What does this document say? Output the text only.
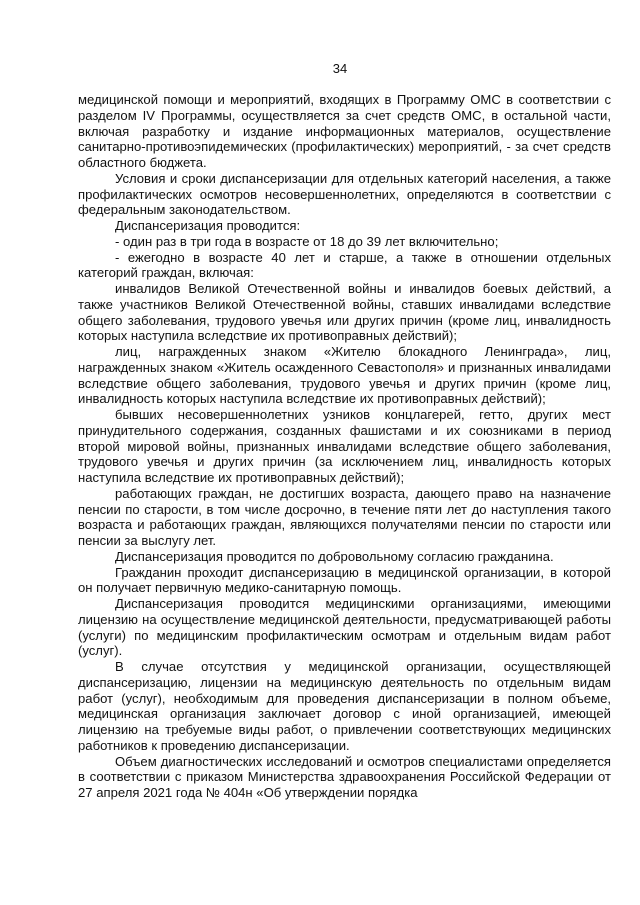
34

медицинской помощи и мероприятий, входящих в Программу ОМС в соответствии с разделом IV Программы, осуществляется за счет средств ОМС, в остальной части, включая разработку и издание информационных материалов, осуществление санитарно-противоэпидемических (профилактических) мероприятий, - за счет средств областного бюджета.

Условия и сроки диспансеризации для отдельных категорий населения, а также профилактических осмотров несовершеннолетних, определяются в соответствии с федеральным законодательством.

Диспансеризация проводится:

- один раз в три года в возрасте от 18 до 39 лет включительно;

- ежегодно в возрасте 40 лет и старше, а также в отношении отдельных категорий граждан, включая:

инвалидов Великой Отечественной войны и инвалидов боевых действий, а также участников Великой Отечественной войны, ставших инвалидами вследствие общего заболевания, трудового увечья или других причин (кроме лиц, инвалидность которых наступила вследствие их противоправных действий);

лиц, награжденных знаком «Жителю блокадного Ленинграда», лиц, награжденных знаком «Житель осажденного Севастополя» и признанных инвалидами вследствие общего заболевания, трудового увечья и других причин (кроме лиц, инвалидность которых наступила вследствие их противоправных действий);

бывших несовершеннолетних узников концлагерей, гетто, других мест принудительного содержания, созданных фашистами и их союзниками в период второй мировой войны, признанных инвалидами вследствие общего заболевания, трудового увечья и других причин (за исключением лиц, инвалидность которых наступила вследствие их противоправных действий);

работающих граждан, не достигших возраста, дающего право на назначение пенсии по старости, в том числе досрочно, в течение пяти лет до наступления такого возраста и работающих граждан, являющихся получателями пенсии по старости или пенсии за выслугу лет.

Диспансеризация проводится по добровольному согласию гражданина.

Гражданин проходит диспансеризацию в медицинской организации, в которой он получает первичную медико-санитарную помощь.

Диспансеризация проводится медицинскими организациями, имеющими лицензию на осуществление медицинской деятельности, предусматривающей работы (услуги) по медицинским профилактическим осмотрам и отдельным видам работ (услуг).

В случае отсутствия у медицинской организации, осуществляющей диспансеризацию, лицензии на медицинскую деятельность по отдельным видам работ (услуг), необходимым для проведения диспансеризации в полном объеме, медицинская организация заключает договор с иной организацией, имеющей лицензию на требуемые виды работ, о привлечении соответствующих медицинских работников к проведению диспансеризации.

Объем диагностических исследований и осмотров специалистами определяется в соответствии с приказом Министерства здравоохранения Российской Федерации от 27 апреля 2021 года № 404н «Об утверждении порядка
